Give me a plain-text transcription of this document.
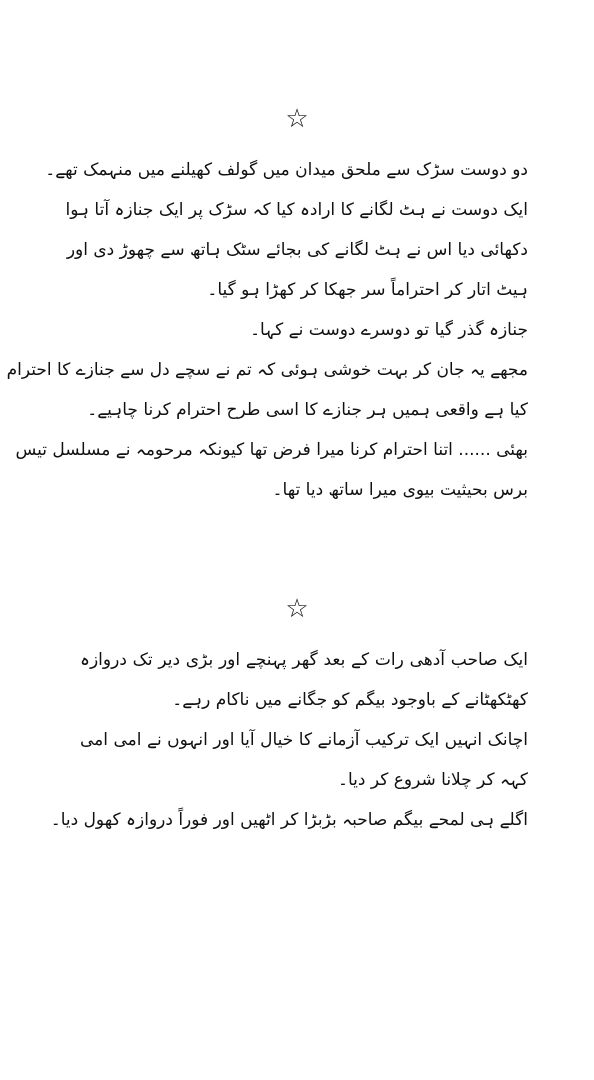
☆
دو دوست سڑک سے ملحق میدان میں گولف کھیلنے میں منہمک تھے۔
ایک دوست نے ہٹ لگانے کا ارادہ کیا کہ سڑک پر ایک جنازہ آتا ہوا
دکھائی دیا اس نے ہٹ لگانے کی بجائے سٹک ہاتھ سے چھوڑ دی اور
ہیٹ اتار کر احتراماً سر جھکا کر کھڑا ہو گیا۔
جنازہ گذر گیا تو دوسرے دوست نے کہا۔
مجھے یہ جان کر بہت خوشی ہوئی کہ تم نے سچے دل سے جنازے کا احترام
کیا ہے واقعی ہمیں ہر جنازے کا اسی طرح احترام کرنا چاہیے۔
بھئی ...... اتنا احترام کرنا میرا فرض تھا کیونکہ مرحومہ نے مسلسل تیس
برس بحیثیت بیوی میرا ساتھ دیا تھا۔
☆
ایک صاحب آدھی رات کے بعد گھر پہنچے اور بڑی دیر تک دروازہ
کھٹکھٹانے کے باوجود بیگم کو جگانے میں ناکام رہے۔
اچانک انہیں ایک ترکیب آزمانے کا خیال آیا اور انہوں نے امی امی
کہہ کر چلانا شروع کر دیا۔
اگلے ہی لمحے بیگم صاحبہ بڑبڑا کر اٹھیں اور فوراً دروازہ کھول دیا۔
